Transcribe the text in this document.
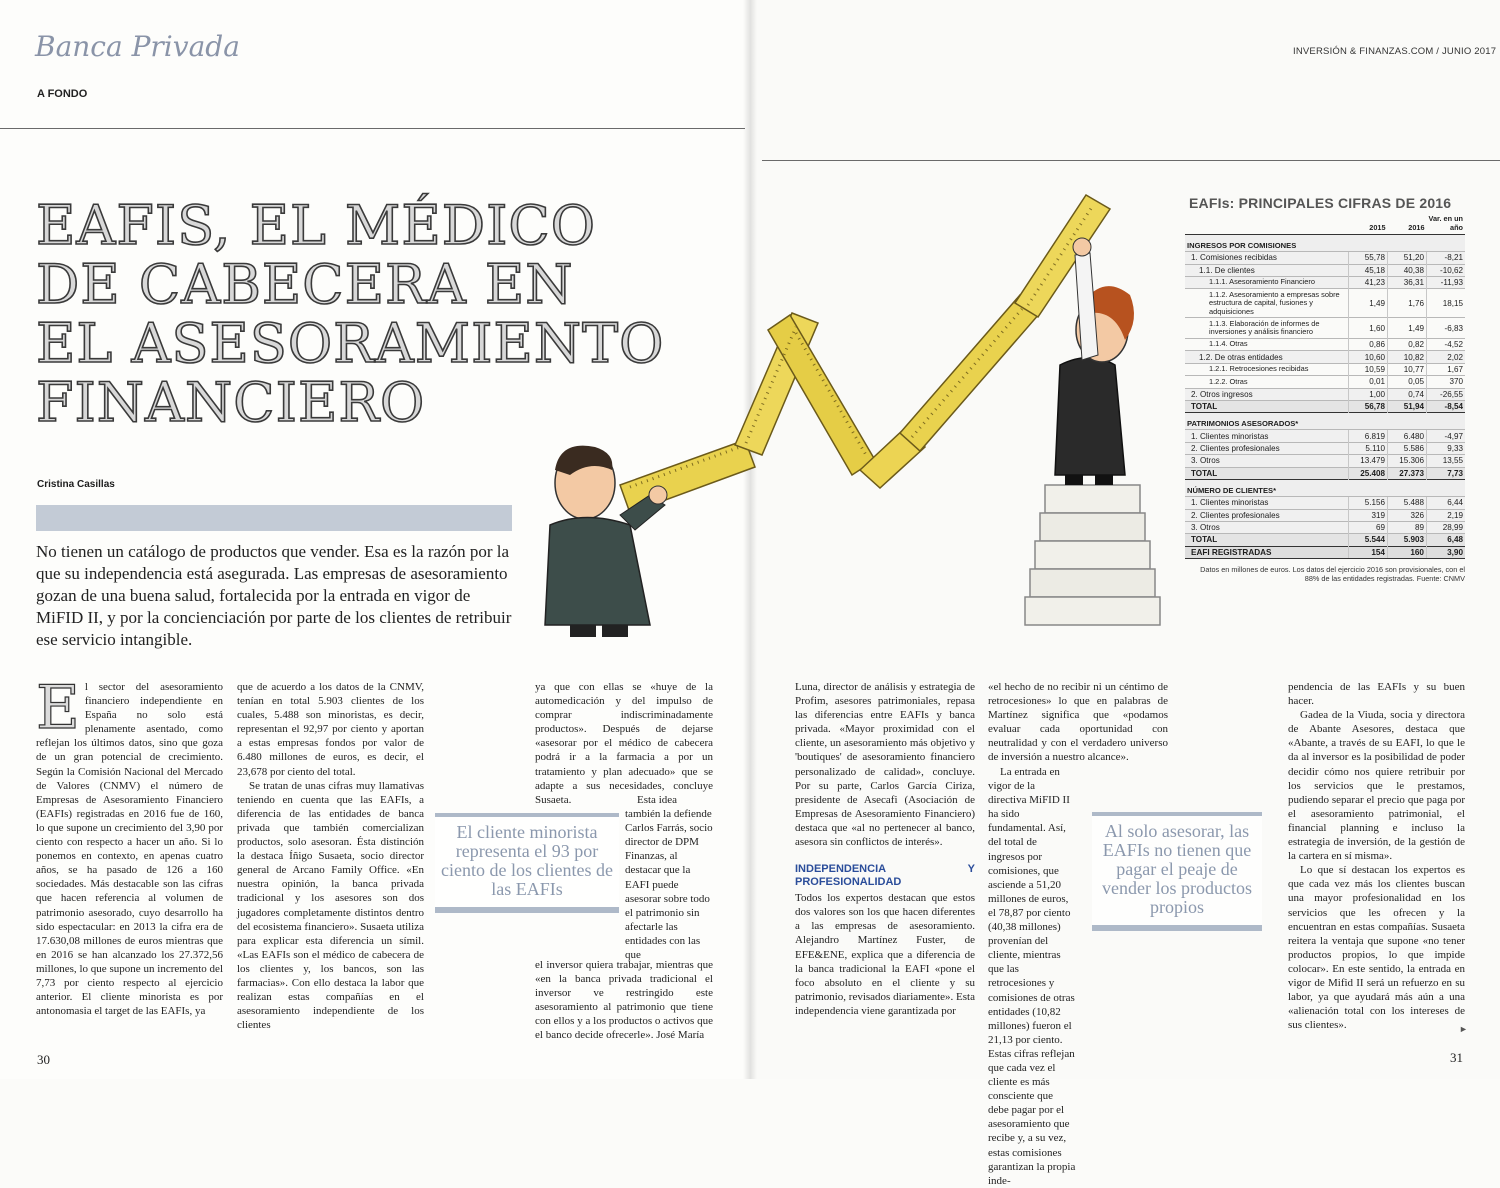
Banca Privada
A FONDO
INVERSIÓN & FINANZAS.COM / JUNIO 2017
EAFIS, EL MÉDICO
DE CABECERA EN
EL ASESORAMIENTO
FINANCIERO
Cristina Casillas
No tienen un catálogo de productos que vender. Esa es la razón por la que su independencia está asegurada. Las empresas de asesoramiento gozan de una buena salud, fortalecida por la entrada en vigor de MiFID II, y por la concienciación por parte de los clientes de retribuir ese servicio intangible.
E l sector del asesoramiento financiero independiente en España no solo está plenamente asentado, como reflejan los últimos datos, sino que goza de un gran potencial de crecimiento. Según la Comisión Nacional del Mercado de Valores (CNMV) el número de Empresas de Asesoramiento Financiero (EAFIs) registradas en 2016 fue de 160, lo que supone un crecimiento del 3,90 por ciento con respecto a hacer un año. Si lo ponemos en contexto, en apenas cuatro años, se ha pasado de 126 a 160 sociedades. Más destacable son las cifras que hacen referencia al volumen de patrimonio asesorado, cuyo desarrollo ha sido espectacular: en 2013 la cifra era de 17.630,08 millones de euros mientras que en 2016 se han alcanzado los 27.372,56 millones, lo que supone un incremento del 7,73 por ciento respecto al ejercicio anterior. El cliente minorista es por antonomasia el target de las EAFIs, ya

que de acuerdo a los datos de la CNMV, tenían en total 5.903 clientes de los cuales, 5.488 son minoristas, es decir, representan el 92,97 por ciento y aportan a estas empresas fondos por valor de 6.480 millones de euros, es decir, el 23,678 por ciento del total.

Se tratan de unas cifras muy llamativas teniendo en cuenta que las EAFIs, a diferencia de las entidades de banca privada que también comercializan productos, solo asesoran. Ésta distinción la destaca Íñigo Susaeta, socio director general de Arcano Family Office. «En nuestra opinión, la banca privada tradicional y los asesores son dos jugadores completamente distintos dentro del ecosistema financiero». Susaeta utiliza para explicar esta diferencia un símil. «Las EAFIs son el médico de cabecera de los clientes y, los bancos, son las farmacias». Con ello destaca la labor que realizan estas compañías en el asesoramiento independiente de los clientes

ya que con ellas se «huye de la automedicación y del impulso de comprar indiscriminadamente productos». Después de dejarse «asesorar por el médico de cabecera podrá ir a la farmacia a por un tratamiento y plan adecuado» que se adapte a sus necesidades, concluye Susaeta.	Esta idea también la defiende Carlos Farrás, socio director de DPM Finanzas, al destacar que la EAFI puede asesorar sobre todo el patrimonio sin afectarle las entidades con las que

el inversor quiera trabajar, mientras que «en la banca privada tradicional el inversor ve restringido este asesoramiento al patrimonio que tiene con ellos y a los productos o activos que el banco decide ofrecerle». José María

El cliente minorista representa el 93 por ciento de los clientes de las EAFIs

Luna, director de análisis y estrategia de Profim, asesores patrimoniales, repasa las diferencias entre EAFIs y banca privada. «Mayor proximidad con el cliente, un asesoramiento más objetivo y 'boutiques' de asesoramiento financiero personalizado de calidad», concluye. Por su parte, Carlos García Ciriza, presidente de Asecafi (Asociación de Empresas de Asesoramiento Financiero) destaca que «al no pertenecer al banco, asesora sin conflictos de interés».

INDEPENDENCIA Y PROFESIONALIDAD

Todos los expertos destacan que estos dos valores son los que hacen diferentes a las empresas de asesoramiento. Alejandro Martínez Fuster, de EFE&ENE, explica que a diferencia de la banca tradicional la EAFI «pone el foco absoluto en el cliente y su patrimonio, revisados diariamente». Esta independencia viene garantizada por

«el hecho de no recibir ni un céntimo de retrocesiones» lo que en palabras de Martínez significa que «podamos evaluar cada oportunidad con neutralidad y con el verdadero universo de inversión a nuestro alcance».

La entrada en vigor de la directiva MiFID II ha sido fundamental. Así, del total de ingresos por comisiones, que asciende a 51,20 millones de euros, el 78,87 por ciento (40,38 millones) provenían del cliente, mientras que las retrocesiones y comisiones de otras entidades (10,82 millones) fueron el 21,13 por ciento. Estas cifras reflejan que cada vez el cliente es más consciente que debe pagar por el asesoramiento que recibe y, a su vez, estas comisiones garantizan la propia inde-

Al solo asesorar, las EAFIs no tienen que pagar el peaje de vender los productos propios

pendencia de las EAFIs y su buen hacer.

Gadea de la Viuda, socia y directora de Abante Asesores, destaca que «Abante, a través de su EAFI, lo que le da al inversor es la posibilidad de poder decidir cómo nos quiere retribuir por los servicios que le prestamos, pudiendo separar el precio que paga por el asesoramiento patrimonial, el financial planning e incluso la estrategia de inversión, de la gestión de la cartera en sí misma».

Lo que sí destacan los expertos es que cada vez más los clientes buscan una mayor profesionalidad en los servicios que les ofrecen y la encuentran en estas compañías. Susaeta reitera la ventaja que supone «no tener productos propios, lo que impide colocar». En este sentido, la entrada en vigor de Mifid II será un refuerzo en su labor, ya que ayudará más aún a una «alienación total con los intereses de sus clientes».	►
EAFIs: PRINCIPALES CIFRAS DE 2016
	2015	2016	Var. en un año
INGRESOS POR COMISIONES			
1. Comisiones recibidas	55,78	51,20	-8,21
1.1. De clientes	45,18	40,38	-10,62
1.1.1. Asesoramiento Financiero	41,23	36,31	-11,93
1.1.2. Asesoramiento a empresas sobre estructura de capital, fusiones y adquisiciones	1,49	1,76	18,15
1.1.3. Elaboración de informes de inversiones y análisis financiero	1,60	1,49	-6,83
1.1.4. Otras	0,86	0,82	-4,52
1.2. De otras entidades	10,60	10,82	2,02
1.2.1. Retrocesiones recibidas	10,59	10,77	1,67
1.2.2. Otras	0,01	0,05	370
2. Otros ingresos	1,00	0,74	-26,55
TOTAL	56,78	51,94	-8,54
PATRIMONIOS ASESORADOS*			
1. Clientes minoristas	6.819	6.480	-4,97
2. Clientes profesionales	5.110	5.586	9,33
3. Otros	13.479	15.306	13,55
TOTAL	25.408	27.373	7,73
NÚMERO DE CLIENTES*			
1. Clientes minoristas	5.156	5.488	6,44
2. Clientes profesionales	319	326	2,19
3. Otros	69	89	28,99
TOTAL	5.544	5.903	6,48
EAFI REGISTRADAS	154	160	3,90
Datos en millones de euros. Los datos del ejercicio 2016 son provisionales, con el 88% de las entidades registradas. Fuente: CNMV
30	31
